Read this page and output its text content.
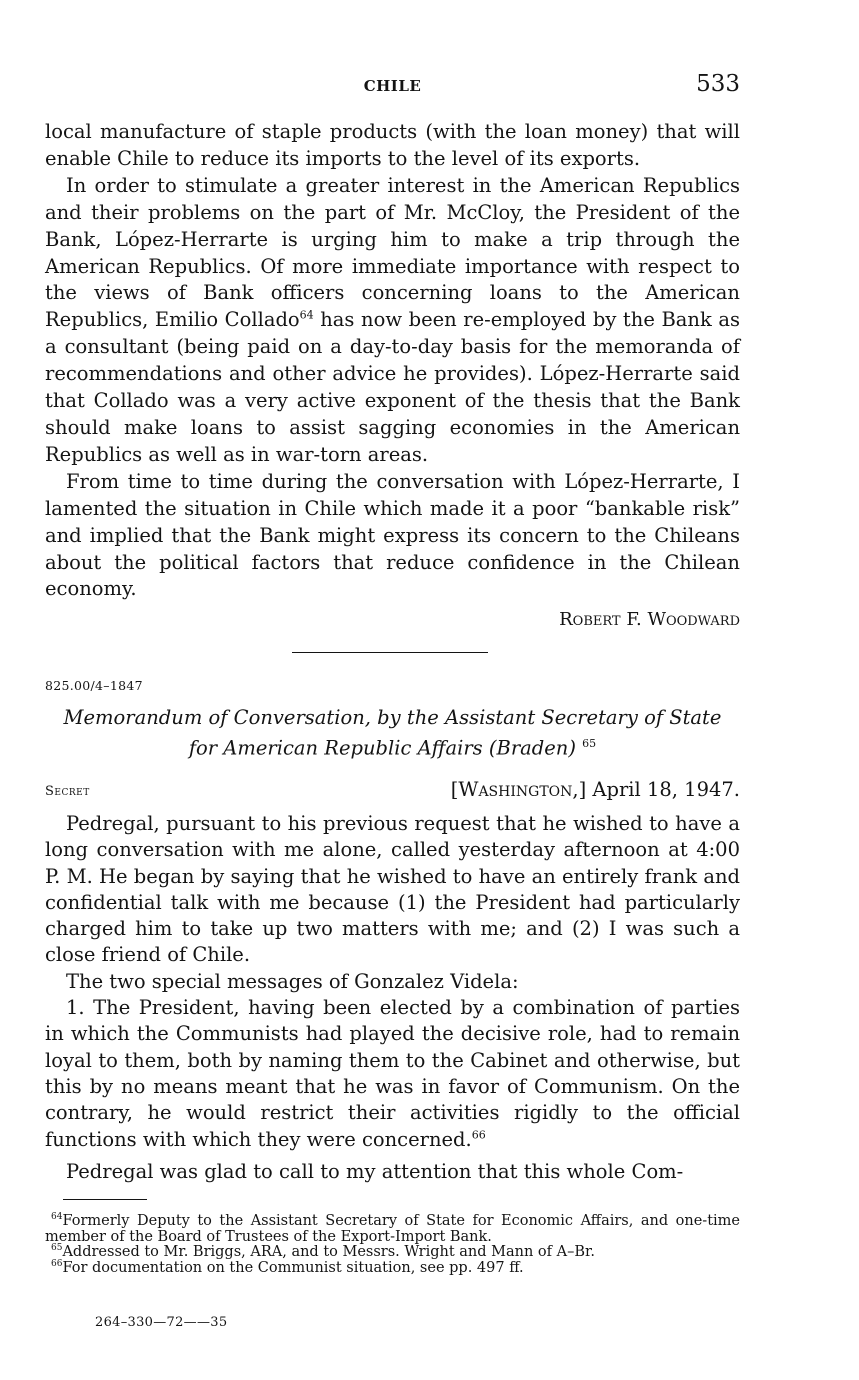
CHILE	533

local manufacture of staple products (with the loan money) that will enable Chile to reduce its imports to the level of its exports.

In order to stimulate a greater interest in the American Republics and their problems on the part of Mr. McCloy, the President of the Bank, López-Herrarte is urging him to make a trip through the American Republics. Of more immediate importance with respect to the views of Bank officers concerning loans to the American Republics, Emilio Collado$^{64}$ has now been re-employed by the Bank as a consultant (being paid on a day-to-day basis for the memoranda of recommendations and other advice he provides). López-Herrarte said that Collado was a very active exponent of the thesis that the Bank should make loans to assist sagging economies in the American Republics as well as in war-torn areas.

From time to time during the conversation with López-Herrarte, I lamented the situation in Chile which made it a poor “bankable risk” and implied that the Bank might express its concern to the Chileans about the political factors that reduce confidence in the Chilean economy.

Robert F. Woodward
825.00/4–1847
Memorandum of Conversation, by the Assistant Secretary of State
for American Republic Affairs (Braden) $^{65}$
Secret	[Washington,] April 18, 1947.

Pedregal, pursuant to his previous request that he wished to have a long conversation with me alone, called yesterday afternoon at 4:00 P. M. He began by saying that he wished to have an entirely frank and confidential talk with me because (1) the President had particularly charged him to take up two matters with me; and (2) I was such a close friend of Chile.

The two special messages of Gonzalez Videla:

1. The President, having been elected by a combination of parties in which the Communists had played the decisive role, had to remain loyal to them, both by naming them to the Cabinet and otherwise, but this by no means meant that he was in favor of Communism. On the contrary, he would restrict their activities rigidly to the official functions with which they were concerned.$^{66}$

Pedregal was glad to call to my attention that this whole Com-

$^{64}$Formerly Deputy to the Assistant Secretary of State for Economic Affairs, and one-time member of the Board of Trustees of the Export-Import Bank.

$^{65}$Addressed to Mr. Briggs, ARA, and to Messrs. Wright and Mann of A–Br.

$^{66}$For documentation on the Communist situation, see pp. 497 ff.

264–330—72——35
